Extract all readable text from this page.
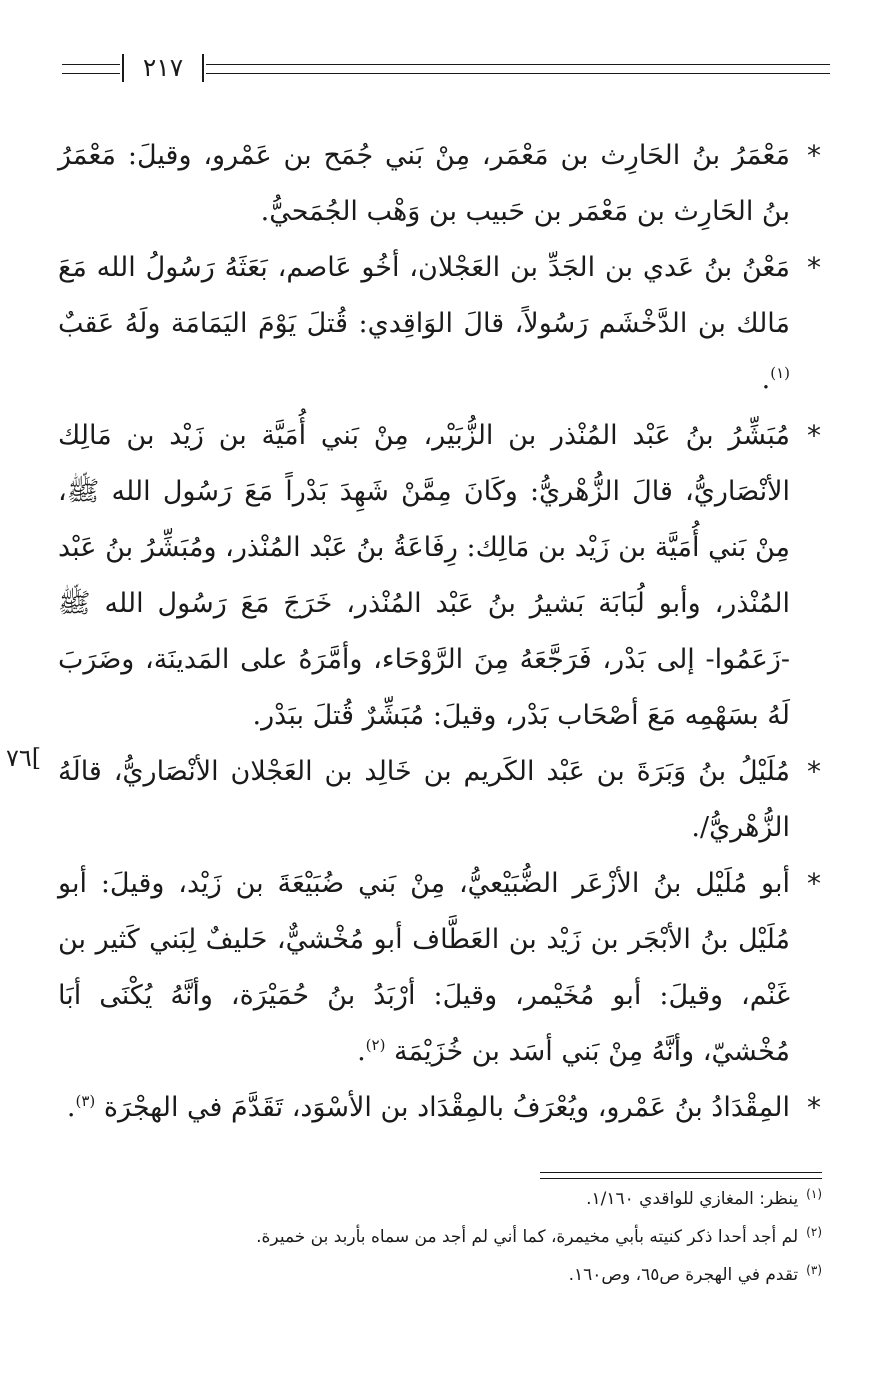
٢١٧

*
مَعْمَرُ بنُ الحَارِث بن مَعْمَر، مِنْ بَني جُمَح بن عَمْرو، وقيلَ: مَعْمَرُ بنُ الحَارِث بن مَعْمَر بن حَبيب بن وَهْب الجُمَحيُّ.

*
مَعْنُ بنُ عَدي بن الجَدِّ بن العَجْلان، أخُو عَاصم، بَعَثَهُ رَسُولُ الله مَعَ مَالك بن الدَّخْشَم رَسُولاً، قالَ الوَاقِدي: قُتلَ يَوْمَ اليَمَامَة ولَهُ عَقبٌ $^{(١)}$.

*
مُبَشِّرُ بنُ عَبْد المُنْذر بن الزُّبَيْر، مِنْ بَني أُمَيَّة بن زَيْد بن مَالِك الأنْصَاريُّ، قالَ الزُّهْريُّ: وكَانَ مِمَّنْ شَهِدَ بَدْراً مَعَ رَسُول الله ﷺ، مِنْ بَني أُمَيَّة بن زَيْد بن مَالِك: رِفَاعَةُ بنُ عَبْد المُنْذر، ومُبَشِّرُ بنُ عَبْد المُنْذر، وأبو لُبَابَة بَشيرُ بنُ عَبْد المُنْذر، خَرَجَ مَعَ رَسُول الله ﷺ -زَعَمُوا- إلى بَدْر، فَرَجَّعَهُ مِنَ الرَّوْحَاء، وأمَّرَهُ على المَدينَة، وضَرَبَ لَهُ بسَهْمِه مَعَ أصْحَاب بَدْر، وقيلَ: مُبَشِّرٌ قُتلَ ببَدْر.

*
مُلَيْلُ بنُ وَبَرَةَ بن عَبْد الكَريم بن خَالِد بن العَجْلان الأنْصَاريُّ، قالَهُ الزُّهْريُّ/.

*
أبو مُلَيْل بنُ الأزْعَر الضُّبَيْعيُّ، مِنْ بَني ضُبَيْعَةَ بن زَيْد، وقيلَ: أبو مُلَيْل بنُ الأبْجَر بن زَيْد بن العَطَّاف أبو مُخْشيٌّ، حَليفٌ لِبَني كَثير بن غَنْم، وقيلَ: أبو مُخَيْمر، وقيلَ: أرْبَدُ بنُ حُمَيْرَة، وأنَّهُ يُكْنَى أبَا مُخْشيّ، وأنَّهُ مِنْ بَني أسَد بن خُزَيْمَة $^{(٢)}$.

*
المِقْدَادُ بنُ عَمْرو، ويُعْرَفُ بالمِقْدَاد بن الأسْوَد، تَقَدَّمَ في الهجْرَة $^{(٣)}$.

٧٦[

$^{(١)}$ينظر: المغازي للواقدي ١/١٦٠.

$^{(٢)}$لم أجد أحدا ذكر كنيته بأبي مخيمرة، كما أني لم أجد من سماه بأربد بن خميرة.

$^{(٣)}$تقدم في الهجرة ص٦٥، وص١٦٠.
